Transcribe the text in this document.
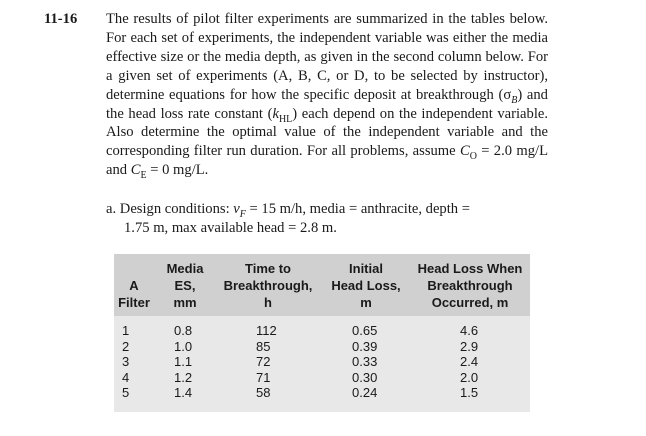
11-16 The results of pilot filter experiments are summarized in the tables below. For each set of experiments, the independent variable was either the media effective size or the media depth, as given in the second column below. For a given set of experiments (A, B, C, or D, to be selected by instructor), determine equations for how the specific deposit at breakthrough $(\sigma_B)$ and the head loss rate constant $(k_{HL})$ each depend on the independent variable. Also determine the optimal value of the independent variable and the corresponding filter run duration. For all problems, assume $C_O = 2.0$ mg/L and $C_E = 0$ mg/L.
a. Design conditions: $v_F = 15$ m/h, media = anthracite, depth =
1.75 m, max available head = 2.8 m.
A
Filter
Media
ES,
mm
Time to
Breakthrough,
h
Initial
Head Loss,
m
Head Loss When
Breakthrough
Occurred, m
1
2
3
4
5
0.8
1.0
1.1
1.2
1.4
112
85
72
71
58
0.65
0.39
0.33
0.30
0.24
4.6
2.9
2.4
2.0
1.5
